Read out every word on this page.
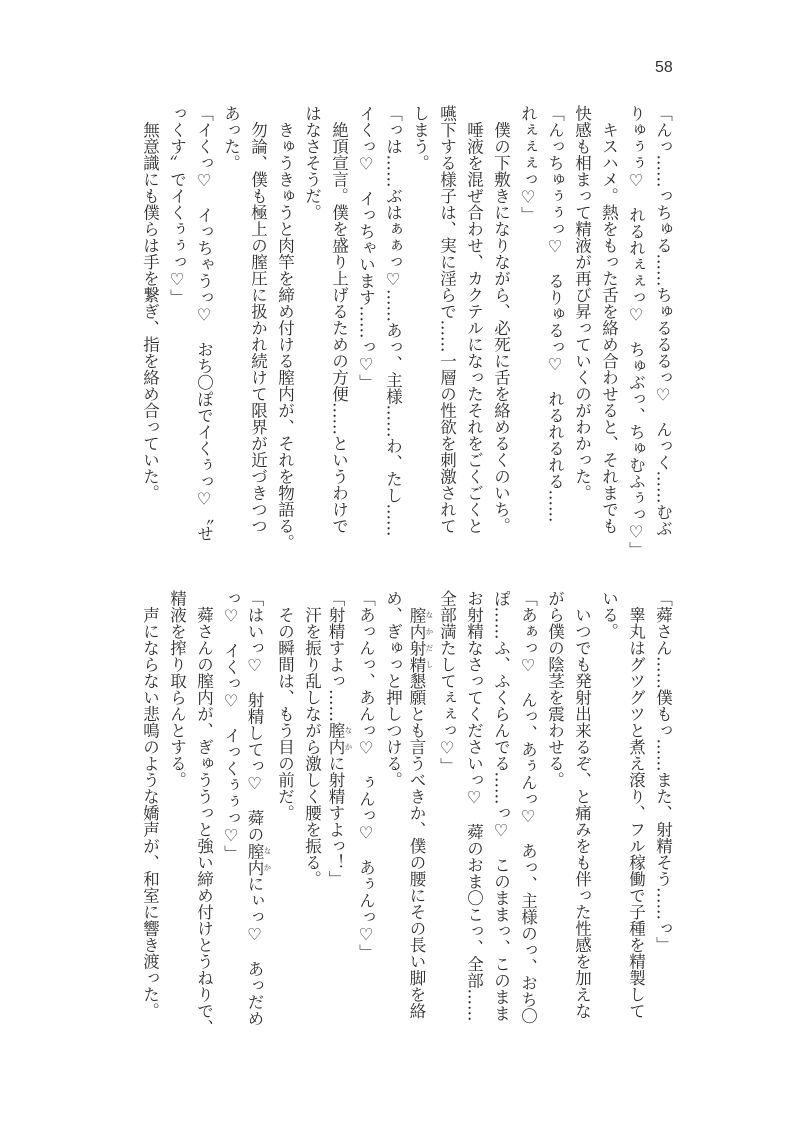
58
「んっ……っちゅる……ちゅるるるっ♡　んっく……むぶ
りゅぅぅ♡　れるれぇぇっ♡　ちゅぶっ、ちゅむふぅっ♡」
　キスハメ。熱をもった舌を絡め合わせると、それまでも
快感も相まって精液が再び昇っていくのがわかった。
「んっちゅぅぅっ♡　るりゅるっ♡　れるれるれる……
れぇぇぇっ♡」
　僕の下敷きになりながら、必死に舌を絡めるくのいち。
　唾液を混ぜ合わせ、カクテルになったそれをごくごくと
嚥下する様子は、実に淫らで……一層の性欲を刺激されて
しまう。
「っは……ぶはぁぁっ♡……あっ、主様……わ、たし……
イくっ♡　イっちゃいます……っ♡」
　絶頂宣言。僕を盛り上げるための方便……というわけで
はなさそうだ。
　きゅうきゅうと肉竿を締め付ける膣内が、それを物語る。
　勿論、僕も極上の膣圧に扱かれ続けて限界が近づきつつ
あった。
「イくっ♡　イっちゃうっ♡　おち〇ぽでイくぅっ♡〝せ
っくす〟でイくぅぅっ♡」
　無意識にも僕らは手を繋ぎ、指を絡め合っていた。
「蕣さん……僕もっ……また、射精そう……っ」
　睾丸はグツグツと煮え滾り、フル稼働で子種を精製して
いる。
　いつでも発射出来るぞ、と痛みをも伴った性感を加えな
がら僕の陰茎を震わせる。
「あぁっ♡　んっ、あぅんっ♡　あっ、主様のっ、おち〇
ぽ……ふ、ふくらんでる……っ♡　このままっ、このまま
お射精なさってくださいっ♡　蕣のおま〇こっ、全部……
全部満たしてぇぇっ♡」
　膣内射精 なかだし懇願とも言うべきか、僕の腰にその長い脚を絡
め、ぎゅっと押しつける。
「あっんっ、あんっ♡　ぅんっ♡　あぅんっ♡」
「射精すよっ……膣内 なかに射精すよっ！」
　汗を振り乱しながら激しく腰を振る。
　その瞬間は、もう目の前だ。
「はいっ♡　射精してっ♡　蕣の膣内 なかにぃっ♡　あっだめ
っ♡　イくっ♡　イっくぅぅっ♡」
　蕣さんの膣内が、ぎゅううっと強い締め付けとうねりで、
精液を搾り取らんとする。
　声にならない悲鳴のような嬌声が、和室に響き渡った。
